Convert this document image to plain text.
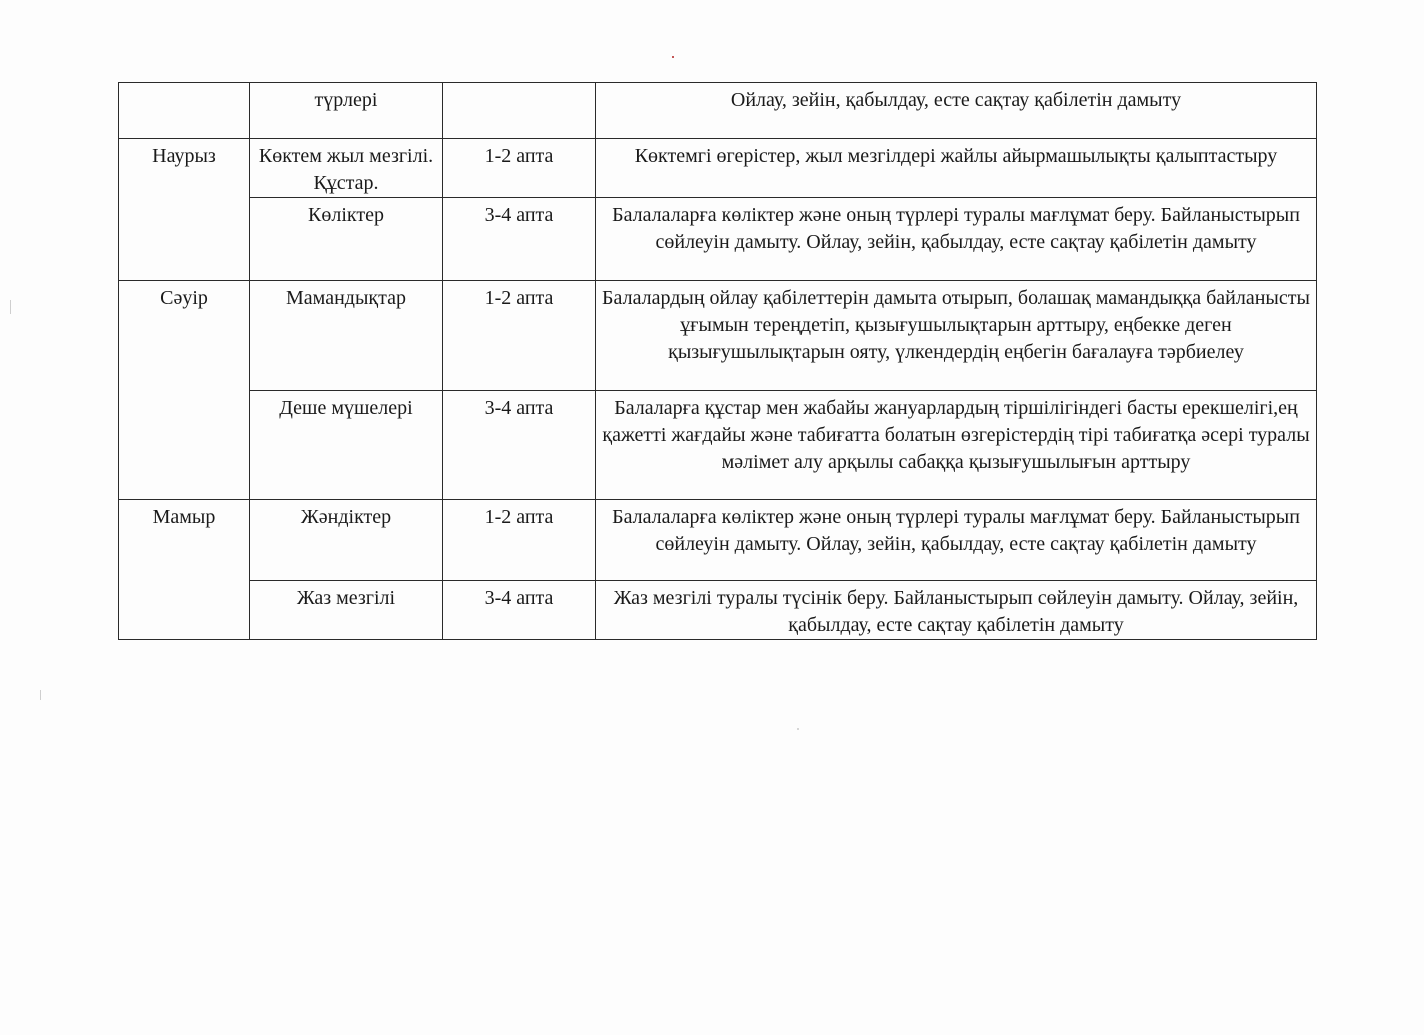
	түрлері		Ойлау, зейін, қабылдау, есте сақтау қабілетін дамыту
Наурыз	Көктем жыл мезгілі. Құстар.	1-2 апта	Көктемгі өгерістер, жыл мезгілдері жайлы айырмашылықты қалыптастыру
	Көліктер	3-4 апта	Балалаларға көліктер және оның түрлері туралы мағлұмат беру. Байланыстырып сөйлеуін дамыту. Ойлау, зейін, қабылдау, есте сақтау қабілетін дамыту
Сәуір	Мамандықтар	1-2 апта	Балалардың ойлау қабілеттерін дамыта отырып, болашақ мамандыққа байланысты ұғымын тереңдетіп, қызығушылықтарын арттыру, еңбекке деген қызығушылықтарын ояту, үлкендердің еңбегін бағалауға тәрбиелеу
	Деше мүшелері	3-4 апта	Балаларға құстар мен жабайы жануарлардың тіршілігіндегі басты ерекшелігі,ең қажетті жағдайы және табиғатта болатын өзгерістердің тірі табиғатқа әсері туралы мәлімет алу арқылы сабаққа қызығушылығын арттыру
Мамыр	Жәндіктер	1-2 апта	Балалаларға көліктер және оның түрлері туралы мағлұмат беру. Байланыстырып сөйлеуін дамыту. Ойлау, зейін, қабылдау, есте сақтау қабілетін дамыту
	Жаз мезгілі	3-4 апта	Жаз мезгілі туралы түсінік беру. Байланыстырып сөйлеуін дамыту. Ойлау, зейін, қабылдау, есте сақтау қабілетін дамыту
